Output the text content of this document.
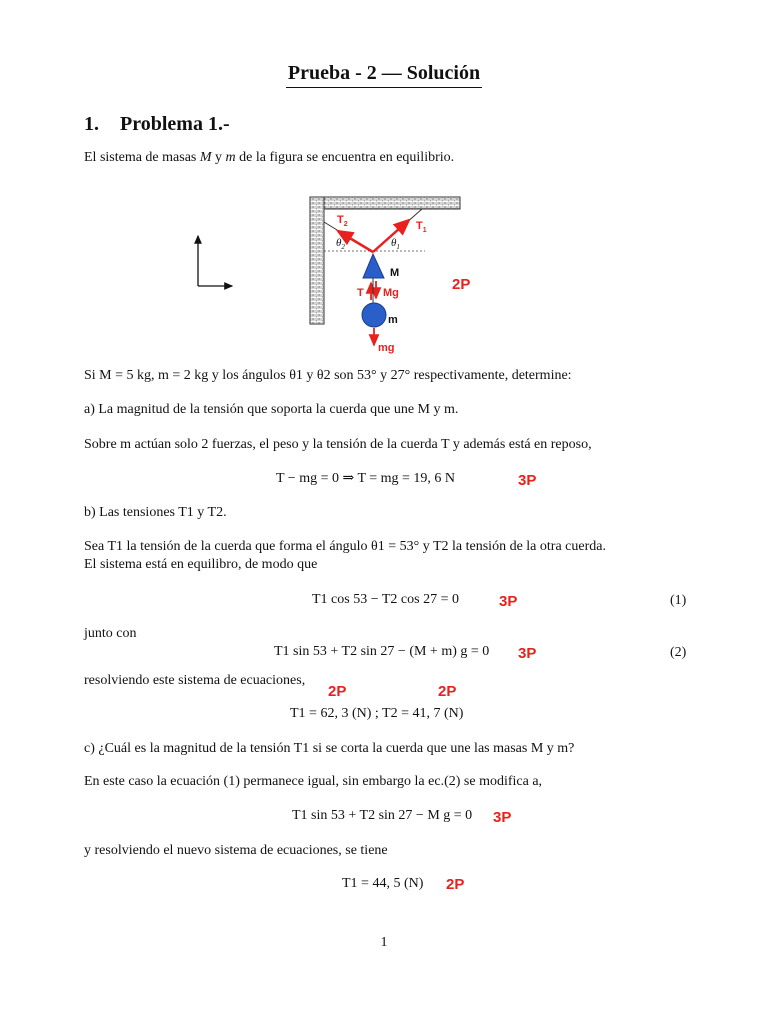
Prueba - 2 — Solución
1. Problema 1.-
El sistema de masas M y m de la figura se encuentra en equilibrio.
$T_2$	$T_1$
$\theta_2$	$\theta_1$
M
T Mg
m
mg
2P
Si M = 5 kg, m = 2 kg y los ángulos θ1 y θ2 son 53° y 27° respectivamente, determine:
a) La magnitud de la tensión que soporta la cuerda que une M y m.
Sobre m actúan solo 2 fuerzas, el peso y la tensión de la cuerda T y además está en reposo,
T − mg = 0 ⇒ T = mg = 19, 6 N	3P
b) Las tensiones T1 y T2.
Sea T1 la tensión de la cuerda que forma el ángulo θ1 = 53° y T2 la tensión de la otra cuerda.
El sistema está en equilibro, de modo que
T1 cos 53 − T2 cos 27 = 0	3P	(1)
junto con
T1 sin 53 + T2 sin 27 − (M + m) g = 0 3P	(2)
resolviendo este sistema de ecuaciones,
2P	2P
T1 = 62, 3 (N) ; T2 = 41, 7 (N)
c) ¿Cuál es la magnitud de la tensión T1 si se corta la cuerda que une las masas M y m?
En este caso la ecuación (1) permanece igual, sin embargo la ec.(2) se modifica a,
T1 sin 53 + T2 sin 27 − M g = 0 3P
y resolviendo el nuevo sistema de ecuaciones, se tiene
T1 = 44, 5 (N) 2P
1
